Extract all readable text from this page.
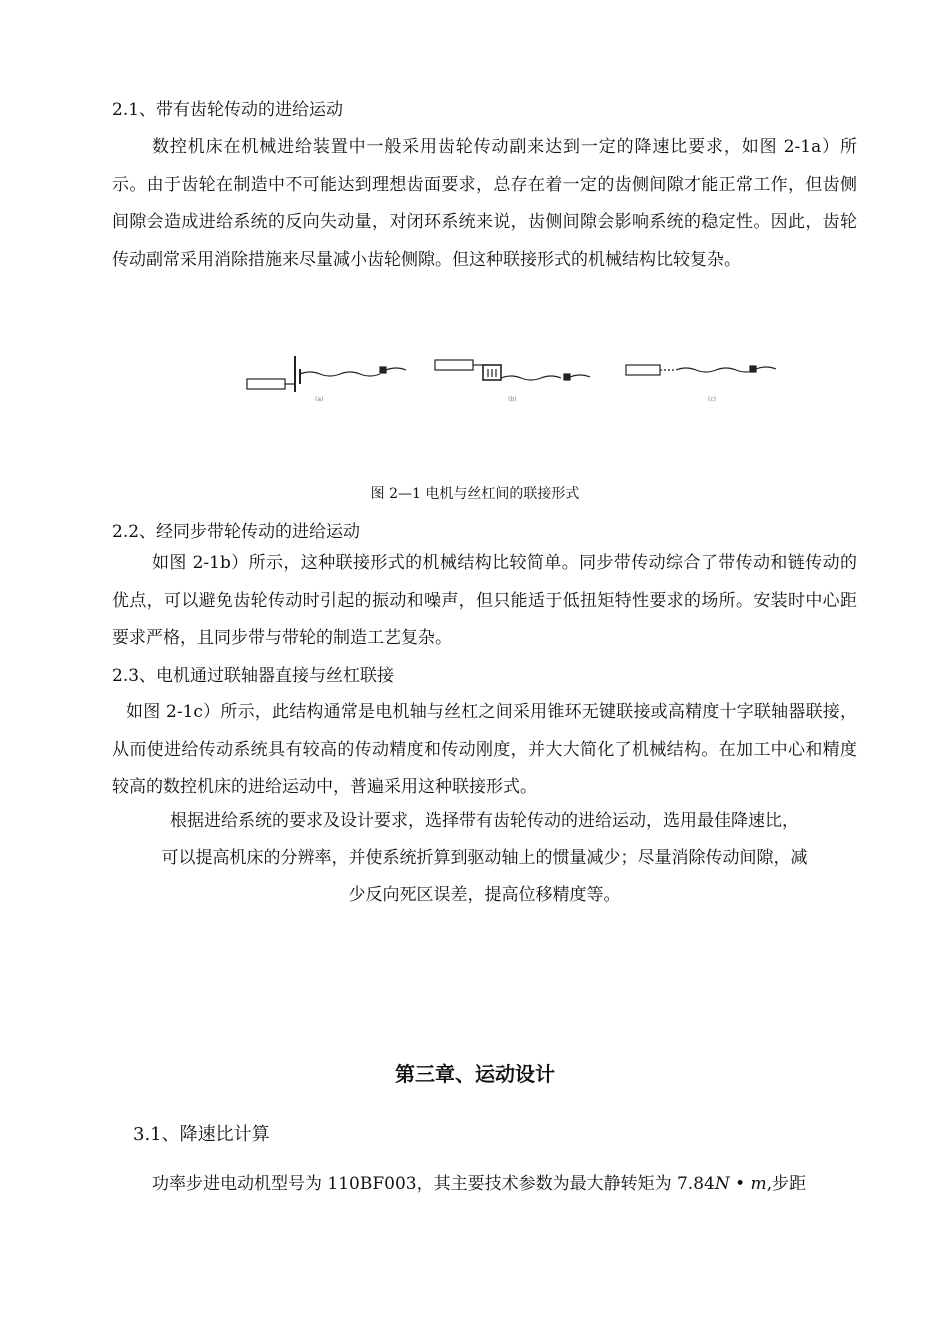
2.1、带有齿轮传动的进给运动
数控机床在机械进给装置中一般采用齿轮传动副来达到一定的降速比要求，如图 2-1a）所示。由于齿轮在制造中不可能达到理想齿面要求，总存在着一定的齿侧间隙才能正常工作，但齿侧间隙会造成进给系统的反向失动量，对闭环系统来说，齿侧间隙会影响系统的稳定性。因此，齿轮传动副常采用消除措施来尽量减小齿轮侧隙。但这种联接形式的机械结构比较复杂。
(a)	(b)	(c)
图 2—1 电机与丝杠间的联接形式
2.2、经同步带轮传动的进给运动
如图 2-1b）所示，这种联接形式的机械结构比较简单。同步带传动综合了带传动和链传动的优点，可以避免齿轮传动时引起的振动和噪声，但只能适于低扭矩特性要求的场所。安装时中心距要求严格，且同步带与带轮的制造工艺复杂。
2.3、电机通过联轴器直接与丝杠联接
如图 2-1c）所示，此结构通常是电机轴与丝杠之间采用锥环无键联接或高精度十字联轴器联接，从而使进给传动系统具有较高的传动精度和传动刚度，并大大简化了机械结构。在加工中心和精度较高的数控机床的进给运动中，普遍采用这种联接形式。
根据进给系统的要求及设计要求，选择带有齿轮传动的进给运动，选用最佳降速比，
可以提高机床的分辨率，并使系统折算到驱动轴上的惯量减少；尽量消除传动间隙，减
少反向死区误差，提高位移精度等。
第三章、运动设计
3.1、降速比计算
功率步进电动机型号为 110BF003，其主要技术参数为最大静转矩为 7.84N • m,步距
